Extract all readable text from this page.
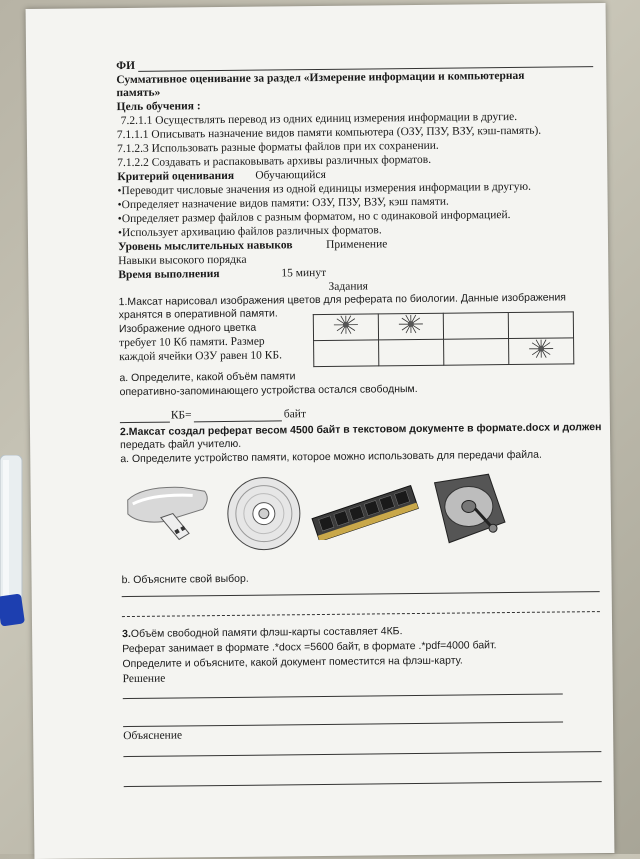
ФИ
Суммативное оценивание за раздел «Измерение информации и компьютерная
память»
Цель обучения :
7.2.1.1 Осуществлять перевод из одних единиц измерения информации в другие.
7.1.1.1 Описывать назначение видов памяти компьютера (ОЗУ, ПЗУ, ВЗУ, кэш-память).
7.1.2.3 Использовать разные форматы файлов при их сохранении.
7.1.2.2 Создавать и распаковывать архивы различных форматов.
Критерий оценивания Обучающийся
•Переводит числовые значения из одной единицы измерения информации в другую.
•Определяет назначение видов памяти: ОЗУ, ПЗУ, ВЗУ, кэш памяти.
•Определяет размер файлов с разным форматом, но с одинаковой информацией.
•Использует архивацию файлов различных форматов.
Уровень мыслительных навыков	Применение
Навыки высокого порядка
Время выполнения	15 минут
Задания
1.Максат нарисовал изображения цветов для реферата по биологии. Данные изображения
хранятся в оперативной памяти.
Изображение одного цветка
требует 10 Кб памяти. Размер
каждой ячейки ОЗУ равен 10 КБ.

а. Определите, какой объём памяти
оперативно-запоминающего устройства остался свободным.
КБ=	байт
2.Максат создал реферат весом 4500 байт в текстовом документе в формате.docx и должен
передать файл учителю.
а. Определите устройство памяти, которое можно использовать для передачи файла.
b. Объясните свой выбор.
3.Объём свободной памяти флэш-карты составляет 4КБ.
Реферат занимает в формате .*docx =5600 байт, в формате .*pdf=4000 байт.
Определите и объясните, какой документ поместится на флэш-карту.
Решение
Объяснение
